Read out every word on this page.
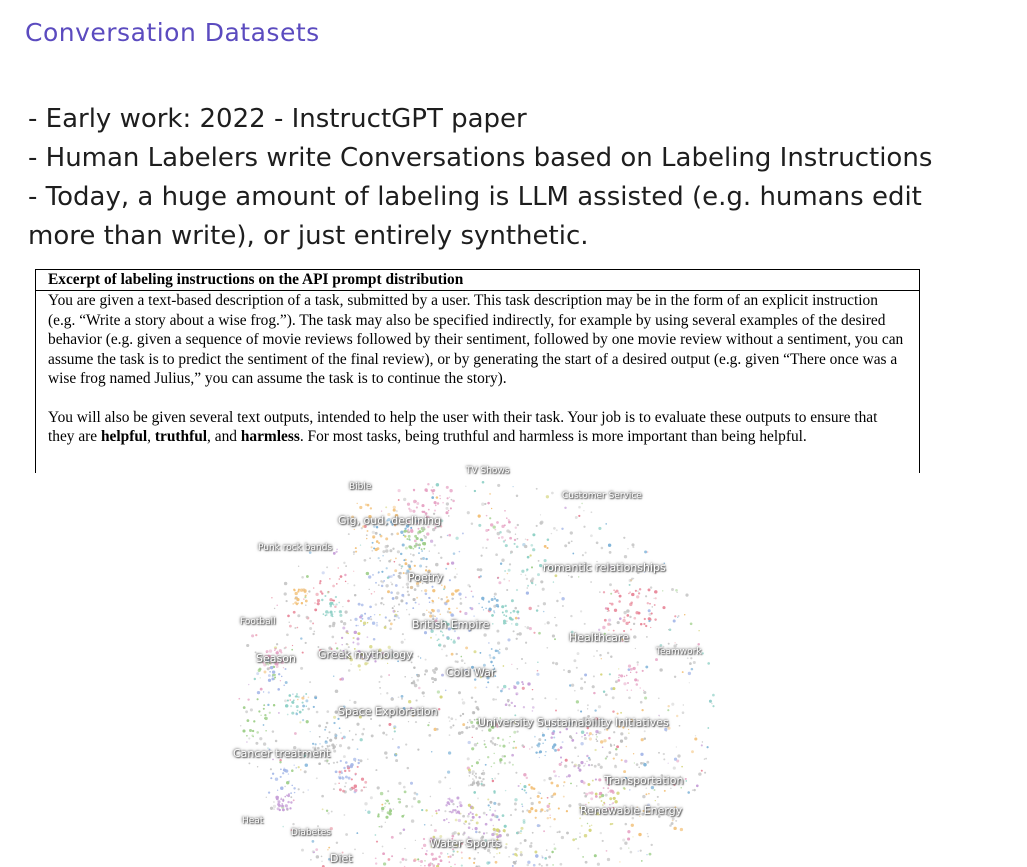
Conversation Datasets
- Early work: 2022 - InstructGPT paper
- Human Labelers write Conversations based on Labeling Instructions
- Today, a huge amount of labeling is LLM assisted (e.g. humans edit more than write), or just entirely synthetic.
Excerpt of labeling instructions on the API prompt distribution

You are given a text-based description of a task, submitted by a user. This task description may be in the form of an explicit instruction (e.g. “Write a story about a wise frog.”). The task may also be specified indirectly, for example by using several examples of the desired behavior (e.g. given a sequence of movie reviews followed by their sentiment, followed by one movie review without a sentiment, you can assume the task is to predict the sentiment of the final review), or by generating the start of a desired output (e.g. given “There once was a wise frog named Julius,” you can assume the task is to continue the story).

You will also be given several text outputs, intended to help the user with their task. Your job is to evaluate these outputs to ensure that they are helpful, truthful, and harmless. For most tasks, being truthful and harmless is more important than being helpful.

TV Shows
Bible
Customer Service
Gig, oud, declining
Punk rock bands
romantic relationships
Poetry
Football	British Empire
Healthcare
Teamwork
Season Greek mythology
Cold War
Space Exploration
University Sustainability Initiatives
Cancer treatment
Transportation
Renewable Energy
Heat
Diabetes
Water Sports
Diet
